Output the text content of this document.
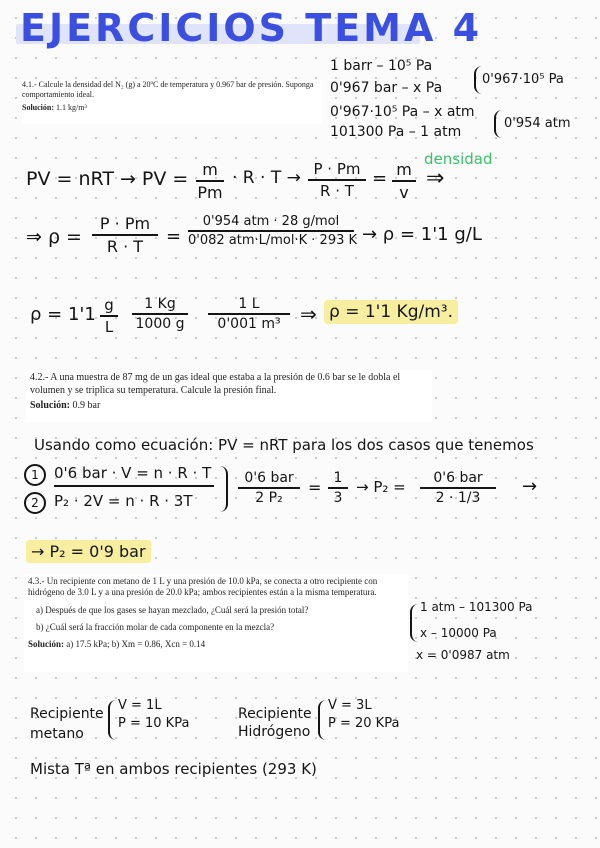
EJERCICIOS TEMA 4
4.1.- Calcule la densidad del N₂ (g) a 20ºC de temperatura y 0.967 bar de presión. Suponga comportamiento ideal.
Solución: 1.1 kg/m³
1 barr – 10⁵ Pa
0'967 bar – x Pa
0'967·10⁵ Pa
0'967·10⁵ Pa – x atm
101300 Pa – 1 atm
0'954 atm
densidad
PV = nRT → PV = m
Pm
· R · T → P · Pm
R · T
= m
v
⇒
⇒ ρ =
P · Pm
R · T	=
0'954 atm · 28 g/mol
0'082 atm·L/mol·K · 293 K → ρ = 1'1 g/L
ρ = 1'1 g
L
1 Kg
1000 g
1 L
0'001 m³ ⇒ ρ = 1'1 Kg/m³.
4.2.- A una muestra de 87 mg de un gas ideal que estaba a la presión de 0.6 bar se le dobla el volumen y se triplica su temperatura. Calcule la presión final.
Solución: 0.9 bar
Usando como ecuación: PV = nRT para los dos casos que tenemos
1
2
0'6 bar · V = n · R · T
P₂ · 2V = n · R · 3T
0'6 bar
2 P₂
= 1
3
→ P₂ =	0'6 bar
2 · 1/3
→
→ P₂ = 0'9 bar
4.3.- Un recipiente con metano de 1 L y una presión de 10.0 kPa, se conecta a otro recipiente con hidrógeno de 3.0 L y a una presión de 20.0 kPa; ambos recipientes están a la misma temperatura.
a) Después de que los gases se hayan mezclado, ¿Cuál será la presión total?
b) ¿Cuál será la fracción molar de cada componente en la mezcla?
Solución: a) 17.5 kPa; b) Xm = 0.86, Xcn = 0.14
1 atm – 101300 Pa
x – 10000 Pa
x = 0'0987 atm
Recipiente
metano
V = 1L
P = 10 KPa
Recipiente
Hidrógeno
V = 3L
P = 20 KPa
Mista Tª en ambos recipientes (293 K)
